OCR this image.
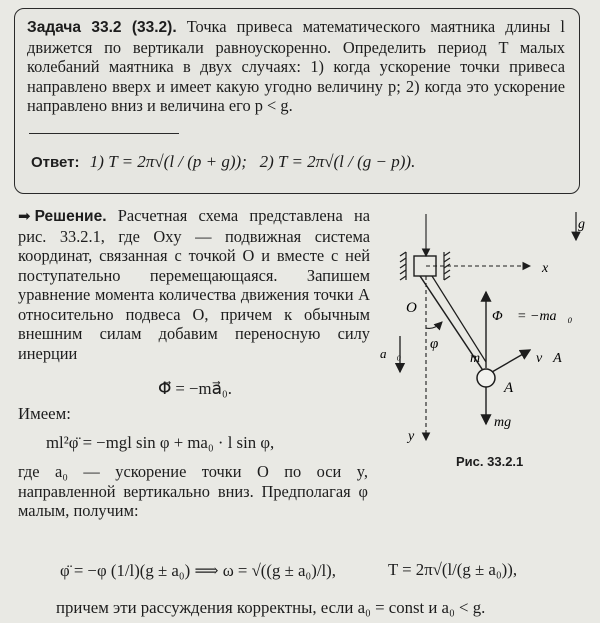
Задача 33.2 (33.2). Точка привеса математического маятника длины l движется по вертикали равноускоренно. Определить период T малых колебаний маятника в двух случаях: 1) когда ускорение точки привеса направлено вверх и имеет какую угодно величину p; 2) когда это ускорение направлено вниз и величина его p < g.

Ответ: 1) T = 2π√(l / (p + g)); 2) T = 2π√(l / (g − p)).

➡ Решение. Расчетная схема представлена на рис. 33.2.1, где Oxy — подвижная система координат, связанная с точкой O и вместе с ней поступательно перемещающаяся. Запишем уравнение момента количества движения точки A относительно подвеса O, причем к обычным внешним силам добавим переносную силу инерции

Φ⃗ = −ma⃗₀.
Имеем:
ml²φ̈ = −mgl sin φ + ma₀ · l sin φ,

где a₀ — ускорение точки O по оси y, направленной вертикально вниз. Предполагая φ малым, получим:

φ̈ = −φ (1/l)(g ± a₀) ⟹ ω = √((g ± a₀)/l),	T = 2π√(l/(g ± a₀)),
причем эти рассуждения корректны, если a₀ = const и a₀ < g.
x
y
O
φ
A
m
Φ⃗ = −ma⃗₀
a⃗₀	v⃗A
mg⃗
g⃗
Рис. 33.2.1
